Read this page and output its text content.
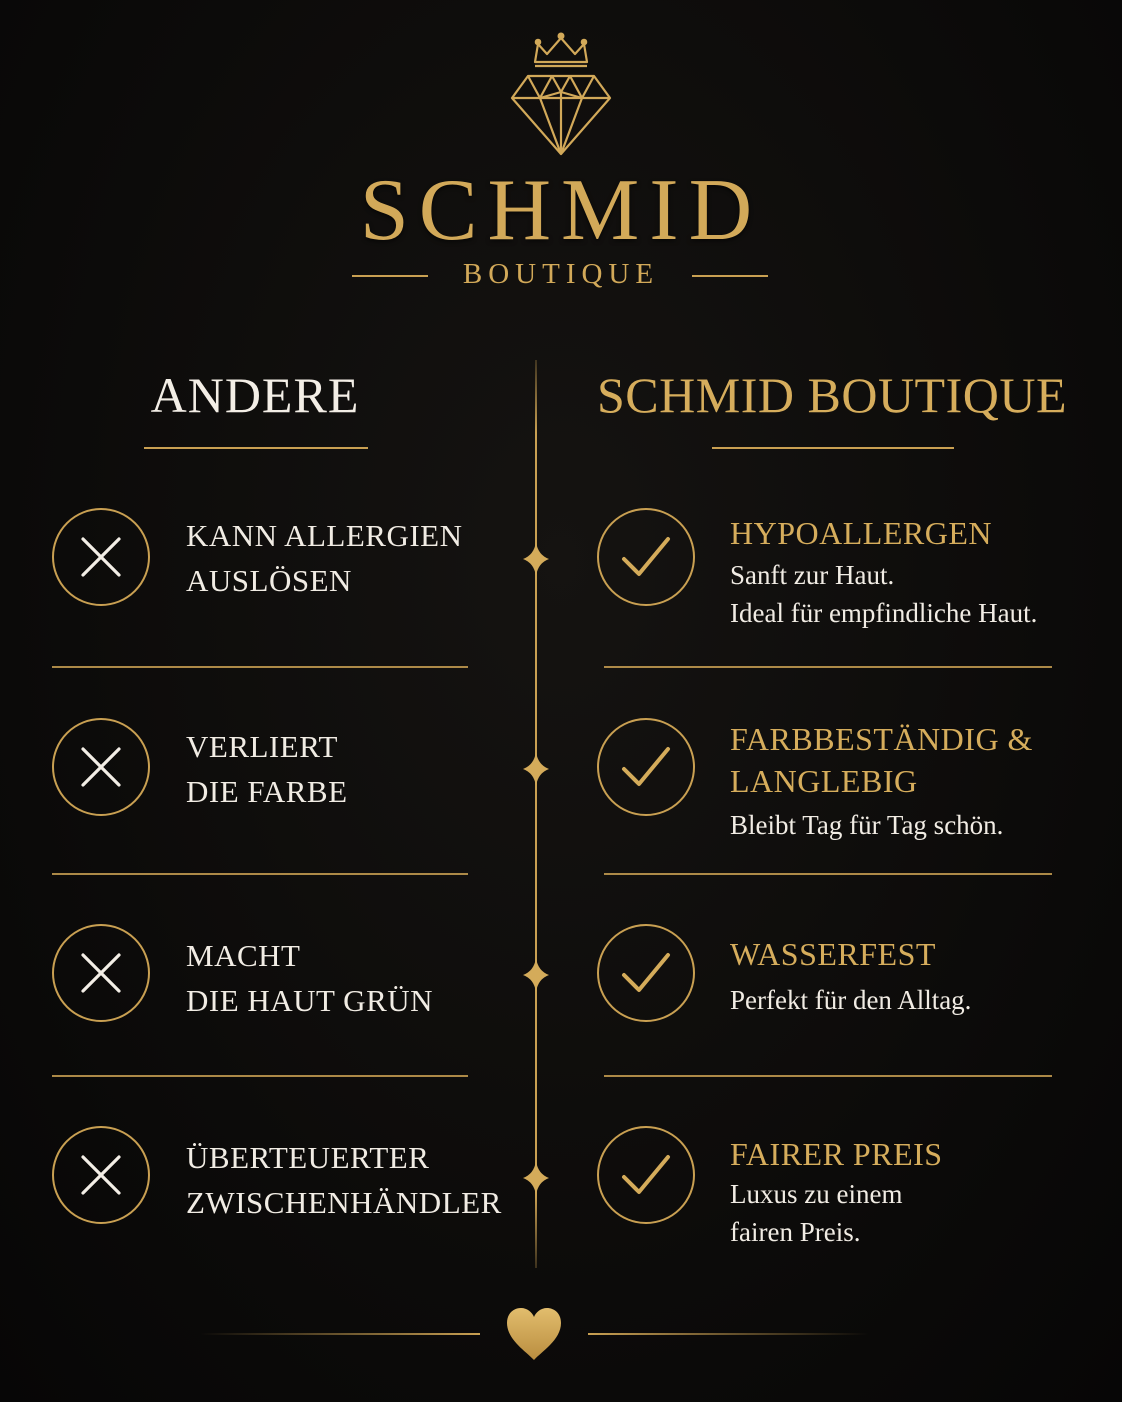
SCHMID
BOUTIQUE
ANDERE	SCHMID BOUTIQUE
KANN ALLERGIEN
AUSLÖSEN
HYPOALLERGEN
Sanft zur Haut.
Ideal für empfindliche Haut.
VERLIERT
DIE FARBE
FARBBESTÄNDIG &
LANGLEBIG
Bleibt Tag für Tag schön.
MACHT
DIE HAUT GRÜN
WASSERFEST
Perfekt für den Alltag.
ÜBERTEUERTER
ZWISCHENHÄNDLER
FAIRER PREIS
Luxus zu einem
fairen Preis.
